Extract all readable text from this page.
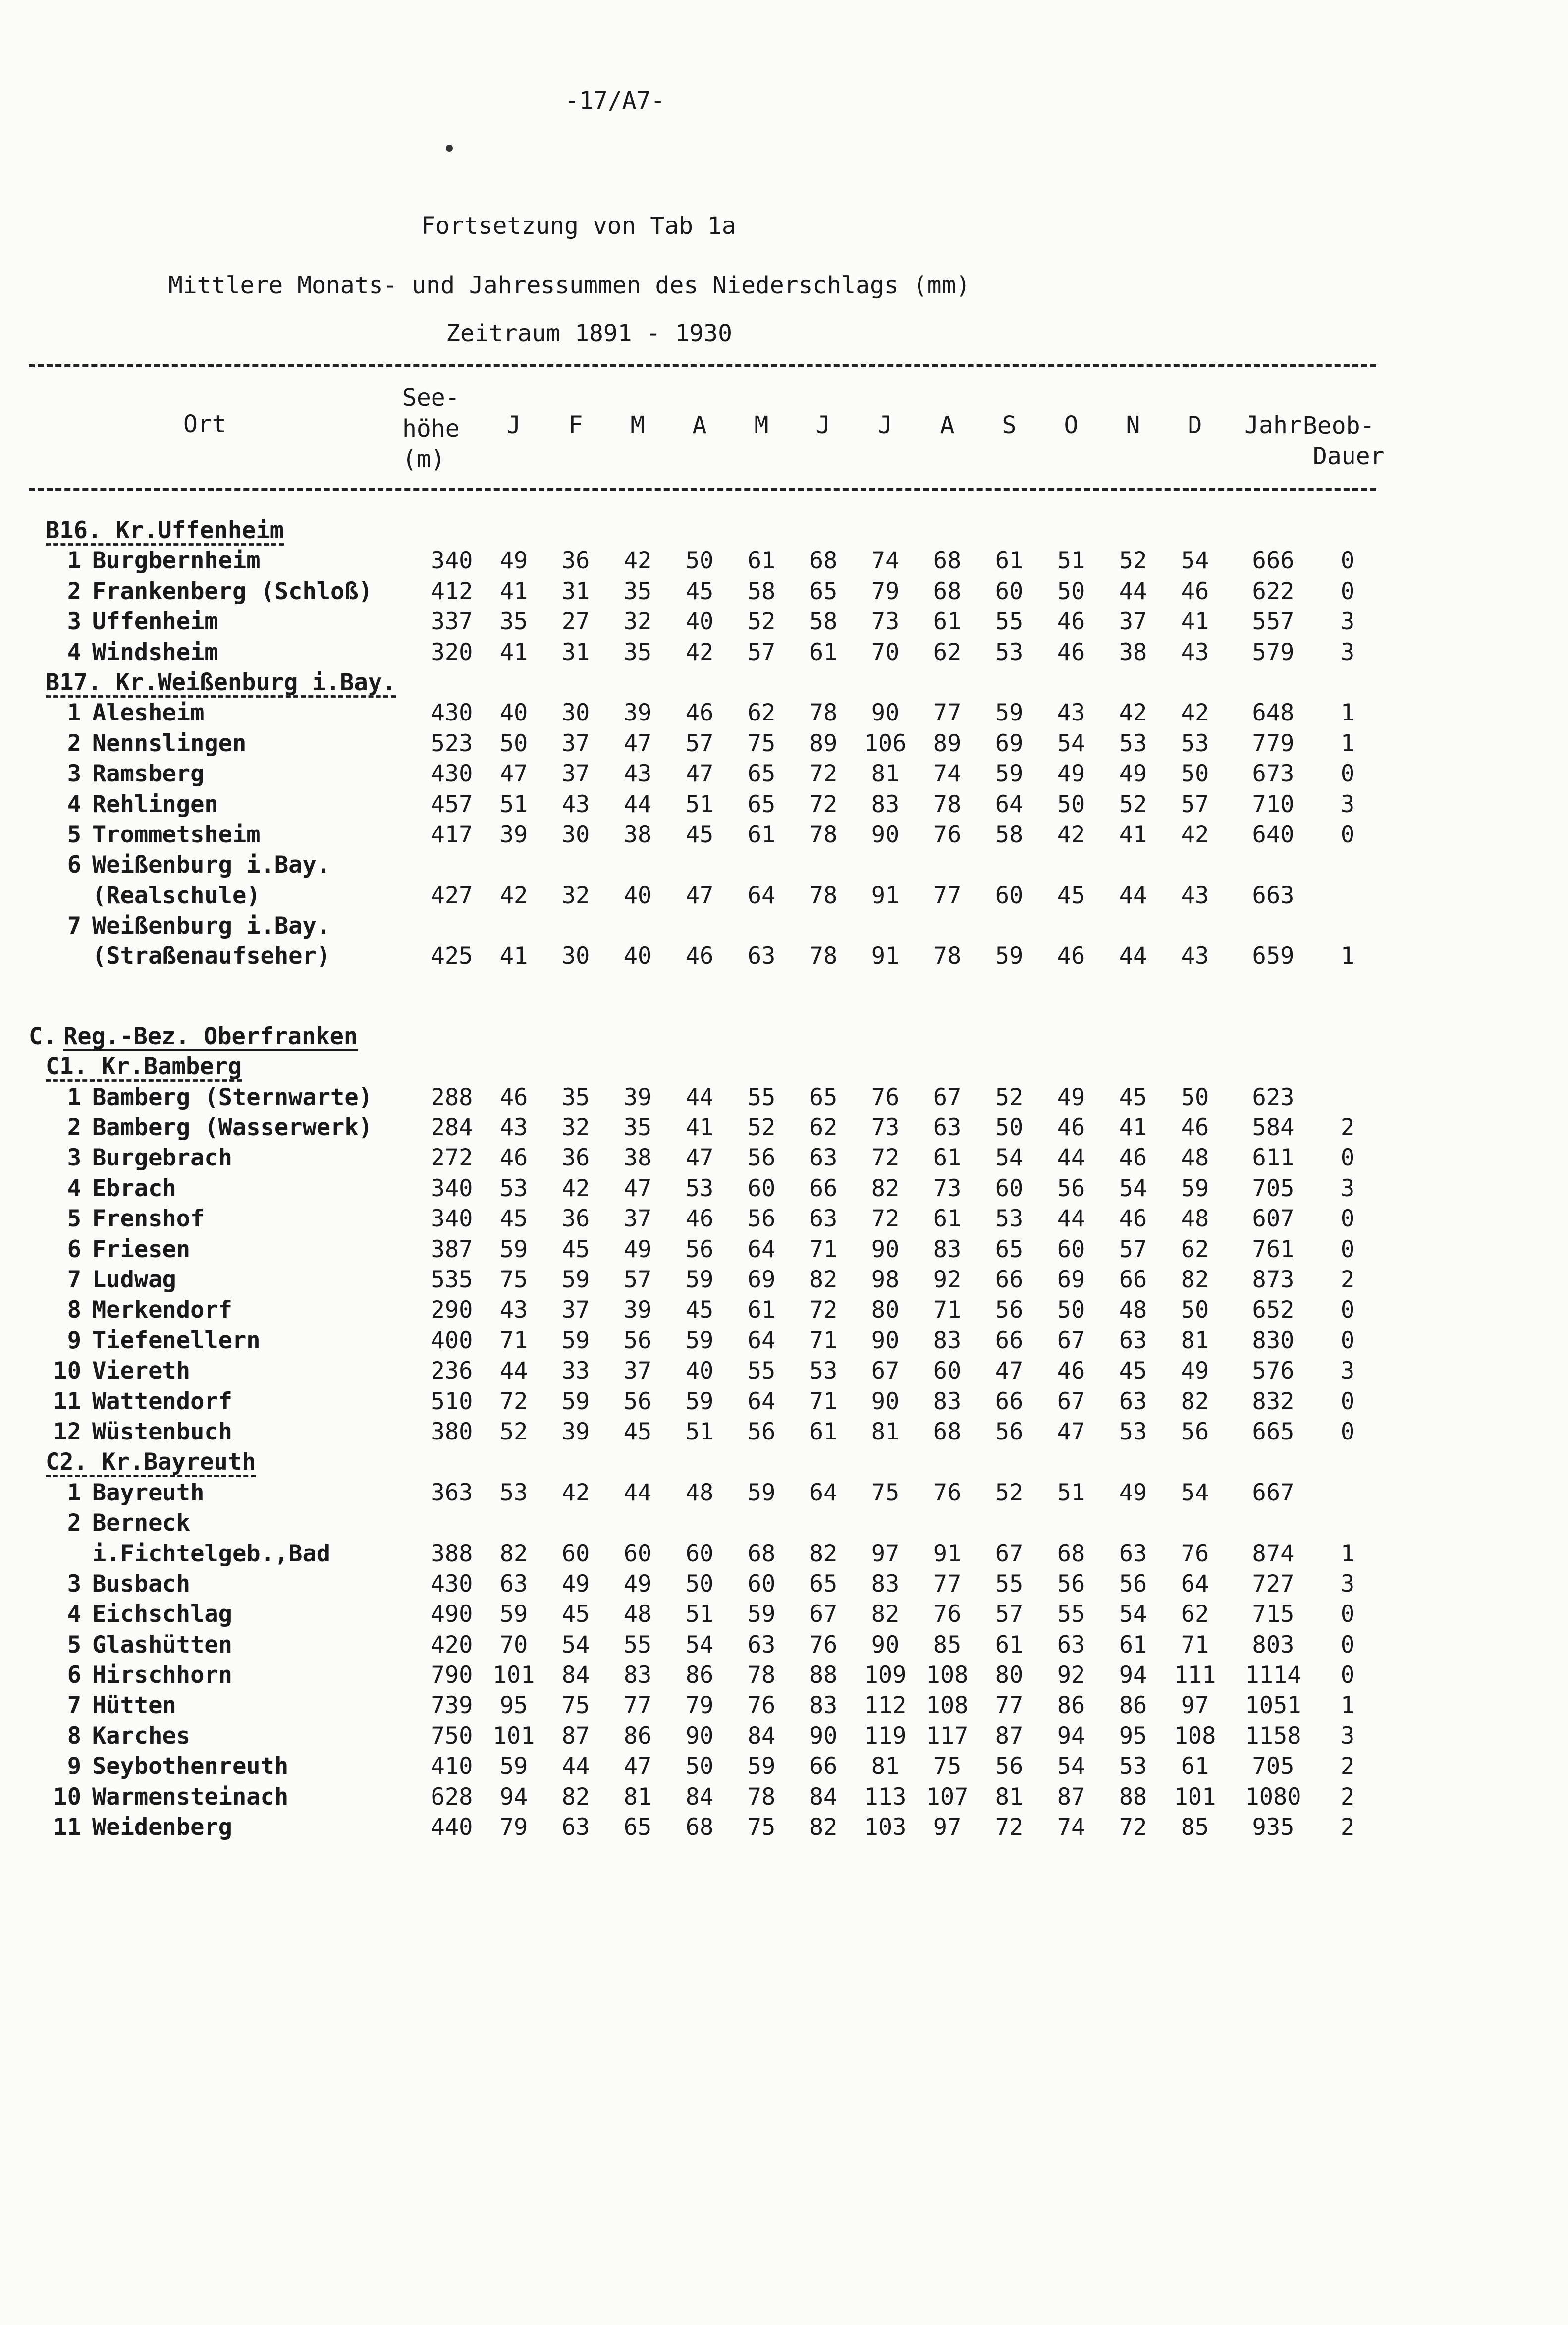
-17/A7-
Fortsetzung von Tab 1a
Mittlere Monats- und Jahressummen des Niederschlags (mm)
Zeitraum 1891 - 1930
Ort
See-
höhe
(m)
J	F	M	A	M	J	J	A	S	O	N	D	Jahr Beob-
Dauer
B16. Kr.Uffenheim
1 Burgbernheim	340	49	36	42	50	61	68	74	68	61	51	52	54	666	0
2 Frankenberg (Schloß)	412	41	31	35	45	58	65	79	68	60	50	44	46	622	0
3 Uffenheim	337	35	27	32	40	52	58	73	61	55	46	37	41	557	3
4 Windsheim	320	41	31	35	42	57	61	70	62	53	46	38	43	579	3
B17. Kr.Weißenburg i.Bay.
1 Alesheim	430	40	30	39	46	62	78	90	77	59	43	42	42	648	1
2 Nennslingen	523	50	37	47	57	75	89	106	89	69	54	53	53	779	1
3 Ramsberg	430	47	37	43	47	65	72	81	74	59	49	49	50	673	0
4 Rehlingen	457	51	43	44	51	65	72	83	78	64	50	52	57	710	3
5 Trommetsheim	417	39	30	38	45	61	78	90	76	58	42	41	42	640	0
6 Weißenburg i.Bay.
(Realschule)	427	42	32	40	47	64	78	91	77	60	45	44	43	663
7 Weißenburg i.Bay.
(Straßenaufseher)	425	41	30	40	46	63	78	91	78	59	46	44	43	659	1
C. Reg.-Bez. Oberfranken
C1. Kr.Bamberg
1 Bamberg (Sternwarte)	288	46	35	39	44	55	65	76	67	52	49	45	50	623
2 Bamberg (Wasserwerk)	284	43	32	35	41	52	62	73	63	50	46	41	46	584	2
3 Burgebrach	272	46	36	38	47	56	63	72	61	54	44	46	48	611	0
4 Ebrach	340	53	42	47	53	60	66	82	73	60	56	54	59	705	3
5 Frenshof	340	45	36	37	46	56	63	72	61	53	44	46	48	607	0
6 Friesen	387	59	45	49	56	64	71	90	83	65	60	57	62	761	0
7 Ludwag	535	75	59	57	59	69	82	98	92	66	69	66	82	873	2
8 Merkendorf	290	43	37	39	45	61	72	80	71	56	50	48	50	652	0
9 Tiefenellern	400	71	59	56	59	64	71	90	83	66	67	63	81	830	0
10 Viereth	236	44	33	37	40	55	53	67	60	47	46	45	49	576	3
11 Wattendorf	510	72	59	56	59	64	71	90	83	66	67	63	82	832	0
12 Wüstenbuch	380	52	39	45	51	56	61	81	68	56	47	53	56	665	0
C2. Kr.Bayreuth
1 Bayreuth	363	53	42	44	48	59	64	75	76	52	51	49	54	667
2 Berneck
i.Fichtelgeb.,Bad	388	82	60	60	60	68	82	97	91	67	68	63	76	874	1
3 Busbach	430	63	49	49	50	60	65	83	77	55	56	56	64	727	3
4 Eichschlag	490	59	45	48	51	59	67	82	76	57	55	54	62	715	0
5 Glashütten	420	70	54	55	54	63	76	90	85	61	63	61	71	803	0
6 Hirschhorn	790 101	84	83	86	78	88	109 108	80	92	94	111	1114	0
7 Hütten	739	95	75	77	79	76	83	112 108	77	86	86	97	1051	1
8 Karches	750 101	87	86	90	84	90	119 117	87	94	95	108	1158	3
9 Seybothenreuth	410	59	44	47	50	59	66	81	75	56	54	53	61	705	2
10 Warmensteinach	628	94	82	81	84	78	84	113 107	81	87	88	101	1080	2
11 Weidenberg	440	79	63	65	68	75	82	103	97	72	74	72	85	935	2
